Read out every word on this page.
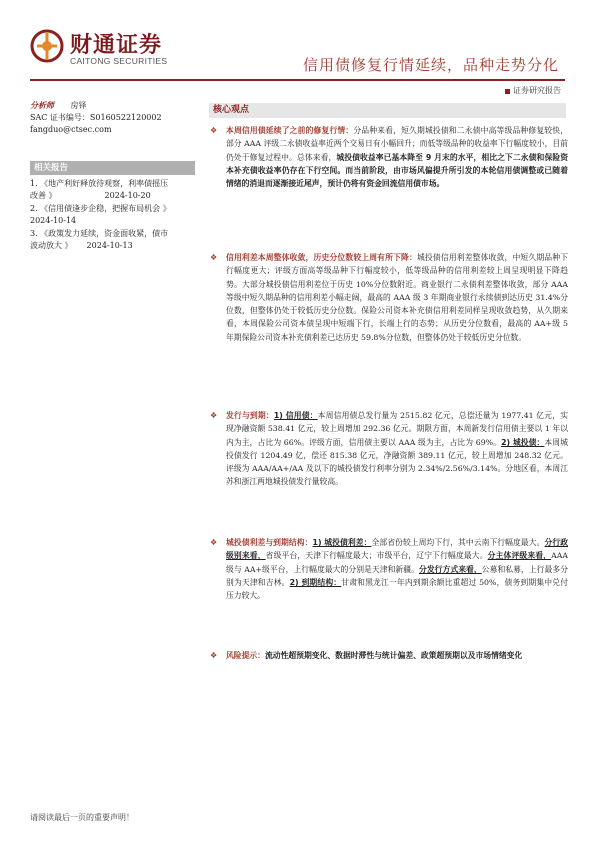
财通证券
CAITONG SECURITIES	信用债修复行情延续，品种走势分化
证券研究报告
分析师 房铎
SAC 证书编号：S0160522120002
fangduo@ctsec.com
相关报告
1. 《地产利好释放待观察，利率债摇压
改善 》	2024-10-20
2. 《信用债逢步企稳，把握布局机会 》
2024-10-14
3. 《政策发力延续，资金面收紧，债市
波动放大 》 2024-10-13
核心观点
❖	本周信用债延续了之前的修复行情：分品种来看，短久期城投债和二永债中高等级品种修复较快，部分 AAA 评级二永债收益率近两个交易日有小幅回升；而低等级品种的收益率下行幅度较小，目前仍处于修复过程中。总体来看，城投债收益率已基本降至 9 月末的水平，相比之下二永债和保险资本补充债收益率仍存在下行空间。而当前阶段，由市场风偏提升所引发的本轮信用债调整或已随着情绪的消退而逐渐接近尾声，预计仍将有资金回流信用债市场。
❖	信用利差本周整体收敛，历史分位数较上周有所下降：城投债信用利差整体收敛，中短久期品种下行幅度更大；评级方面高等级品种下行幅度较小，低等级品种的信用利差较上周呈现明显下降趋势。大部分城投债信用利差位于历史 10%分位数附近。商业银行二永债利差整体收敛，部分 AAA 等级中短久期品种的信用利差小幅走阔，最高的 AAA 级 3 年期商业银行永续债到达历史 31.4%分位数，但整体仍处于较低历史分位数。保险公司资本补充债信用利差同样呈现收敛趋势，从久期来看，本周保险公司资本债呈现中短端下行，长端上行的态势；从历史分位数看，最高的 AA+级 5 年期保险公司资本补充债利差已达历史 59.8%分位数，但整体仍处于较低历史分位数。
❖	发行与到期：1) 信用债：本周信用债总发行量为 2515.82 亿元，总偿还量为 1977.41 亿元，实现净融资额 538.41 亿元，较上周增加 292.36 亿元。期限方面，本周新发行信用债主要以 1 年以内为主，占比为 66%。评级方面，信用债主要以 AAA 级为主，占比为 69%。2) 城投债：本周城投债发行 1204.49 亿，偿还 815.38 亿元，净融资额 389.11 亿元，较上周增加 248.32 亿元。评级为 AAA/AA+/AA 及以下的城投债发行利率分别为 2.34%/2.56%/3.14%。分地区看，本周江苏和浙江两地城投债发行量较高。
❖	城投债利差与到期结构：1) 城投债利差：全部省份较上周均下行，其中云南下行幅度最大。分行政级别来看，省级平台，天津下行幅度最大；市级平台，辽宁下行幅度最大。分主体评级来看，AAA 级与 AA+级平台，上行幅度最大的分别是天津和新疆。分发行方式来看，公募和私募，上行最多分别为天津和吉林。2) 到期结构：甘肃和黑龙江一年内到期余额比重超过 50%，债务到期集中兑付压力较大。
❖	风险提示：流动性超预期变化、数据时滞性与统计偏差、政策超预期以及市场情绪变化
请阅读最后一页的重要声明！
